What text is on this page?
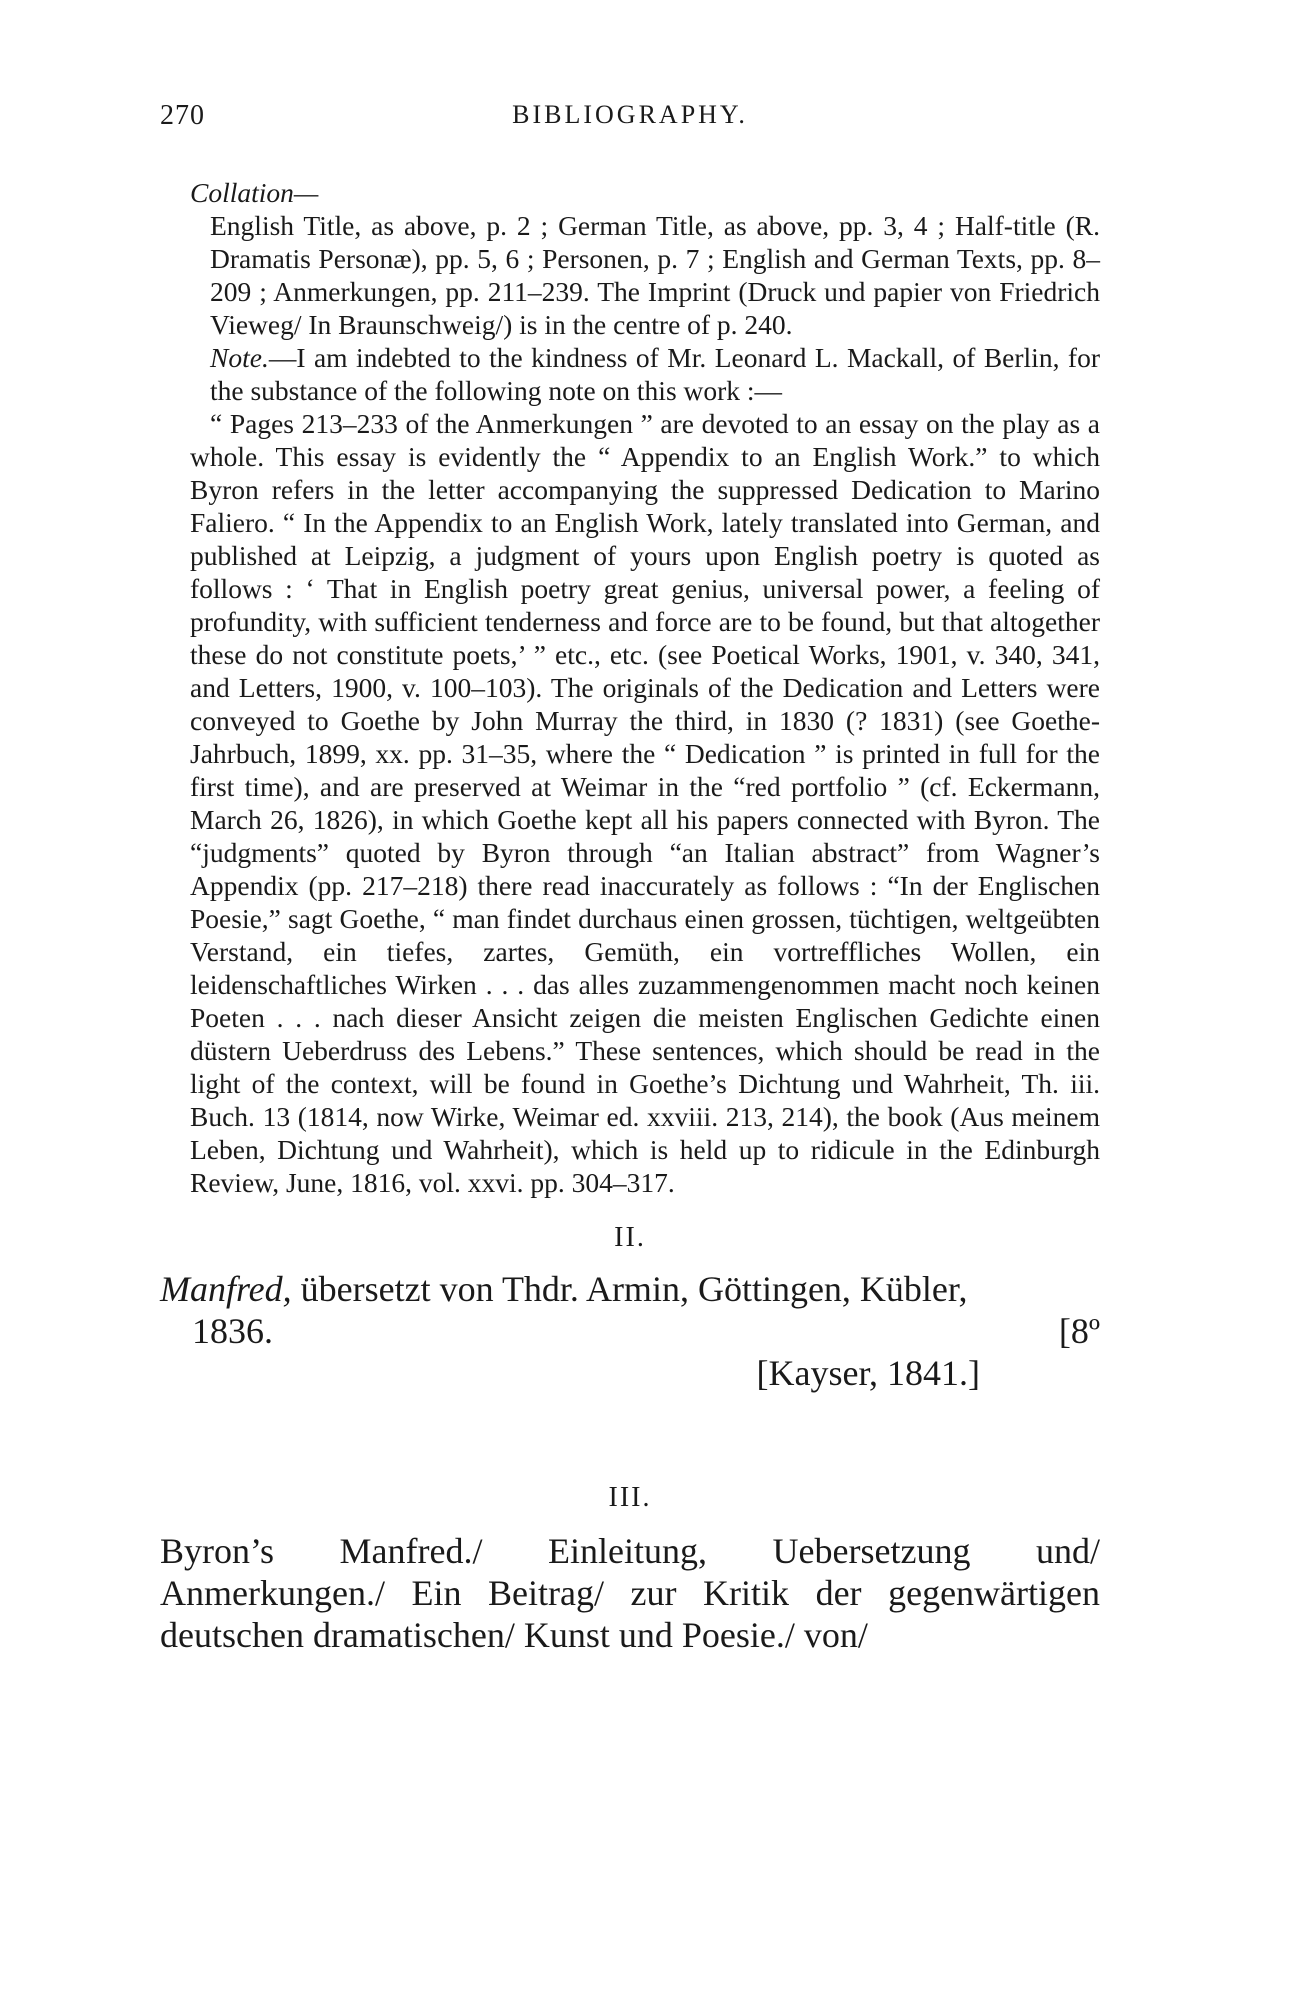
270	BIBLIOGRAPHY.

Collation—

English Title, as above, p. 2 ; German Title, as above, pp. 3, 4 ; Half-title (R. Dramatis Personæ), pp. 5, 6 ; Personen, p. 7 ; English and German Texts, pp. 8–209 ; Anmerkungen, pp. 211–239. The Imprint (Druck und papier von Friedrich Vieweg/ In Braunschweig/) is in the centre of p. 240.

Note.—I am indebted to the kindness of Mr. Leonard L. Mackall, of Berlin, for the substance of the following note on this work :—

“ Pages 213–233 of the Anmerkungen ” are devoted to an essay on the play as a whole. This essay is evidently the “ Appendix to an English Work.” to which Byron refers in the letter accompanying the suppressed Dedication to Marino Faliero. “ In the Appendix to an English Work, lately translated into German, and published at Leipzig, a judgment of yours upon English poetry is quoted as follows : ‘ That in English poetry great genius, universal power, a feeling of profundity, with sufficient tenderness and force are to be found, but that altogether these do not constitute poets,’ ” etc., etc. (see Poetical Works, 1901, v. 340, 341, and Letters, 1900, v. 100–103). The originals of the Dedication and Letters were conveyed to Goethe by John Murray the third, in 1830 (? 1831) (see Goethe-Jahrbuch, 1899, xx. pp. 31–35, where the “ Dedication ” is printed in full for the first time), and are preserved at Weimar in the “red portfolio ” (cf. Eckermann, March 26, 1826), in which Goethe kept all his papers connected with Byron. The “judgments” quoted by Byron through “an Italian abstract” from Wagner’s Appendix (pp. 217–218) there read inaccurately as follows : “In der Englischen Poesie,” sagt Goethe, “ man findet durchaus einen grossen, tüchtigen, weltgeübten Verstand, ein tiefes, zartes, Gemüth, ein vortreffliches Wollen, ein leidenschaftliches Wirken . . . das alles zuzammengenommen macht noch keinen Poeten . . . nach dieser Ansicht zeigen die meisten Englischen Gedichte einen düstern Ueberdruss des Lebens.” These sentences, which should be read in the light of the context, will be found in Goethe’s Dichtung und Wahrheit, Th. iii. Buch. 13 (1814, now Wirke, Weimar ed. xxviii. 213, 214), the book (Aus meinem Leben, Dichtung und Wahrheit), which is held up to ridicule in the Edinburgh Review, June, 1816, vol. xxvi. pp. 304–317.

II.
Manfred, übersetzt von Thdr. Armin, Göttingen, Kübler,
1836.	[8º
[Kayser, 1841.]
III.
Byron’s Manfred./ Einleitung, Uebersetzung und/ Anmerkungen./ Ein Beitrag/ zur Kritik der gegenwärtigen deutschen dramatischen/ Kunst und Poesie./ von/
